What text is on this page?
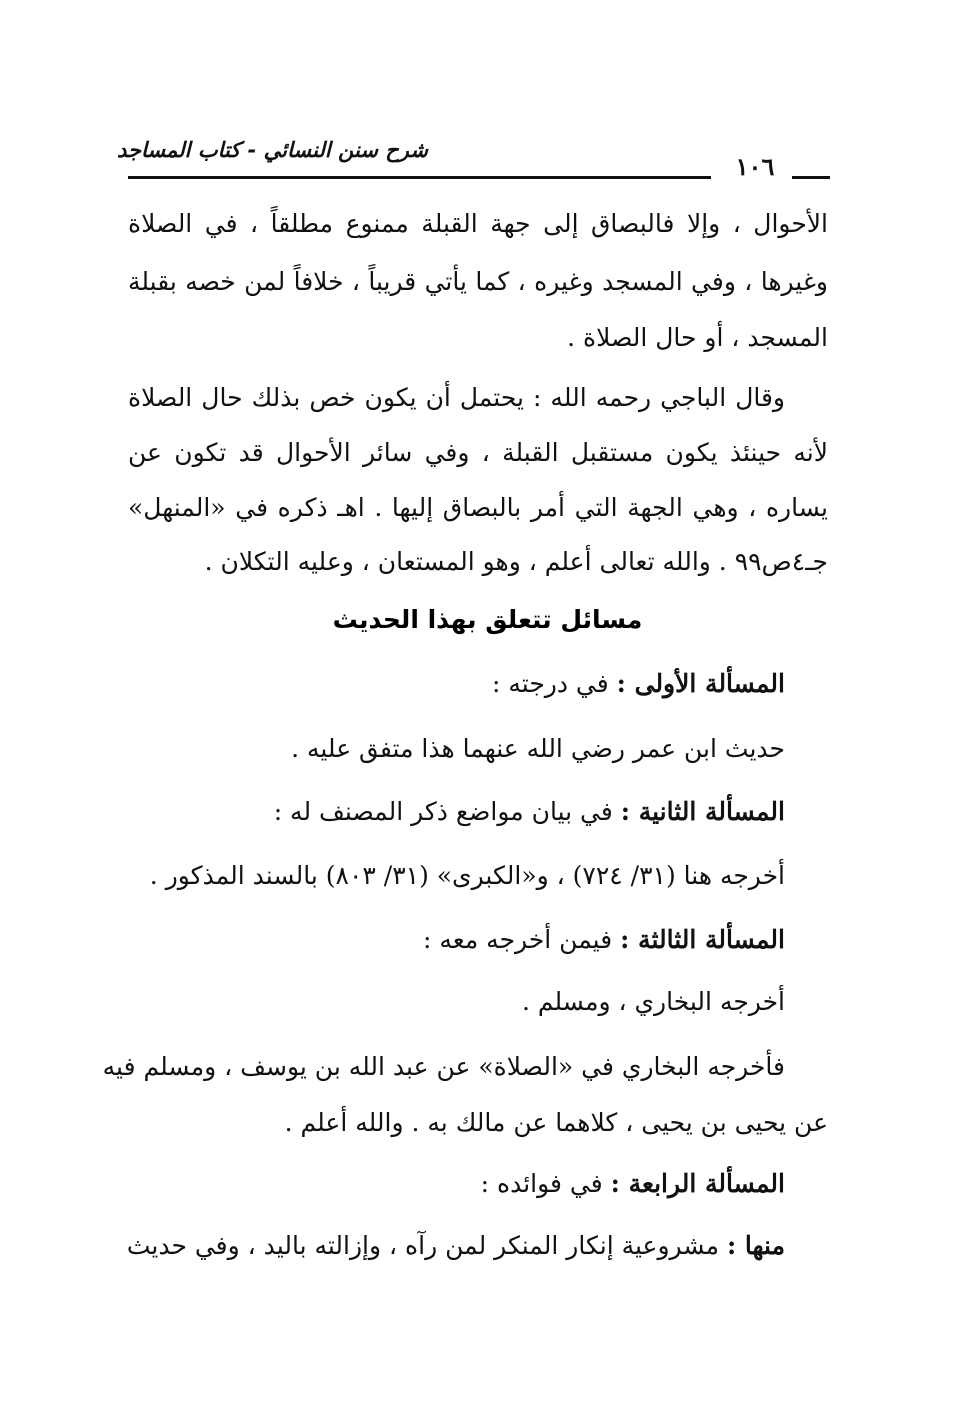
شرح سنن النسائي - كتاب المساجد
١٠٦
الأحوال ، وإلا فالبصاق إلى جهة القبلة ممنوع مطلقاً ، في الصلاة
وغيرها ، وفي المسجد وغيره ، كما يأتي قريباً ، خلافاً لمن خصه بقبلة
المسجد ، أو حال الصلاة .
وقال الباجي رحمه الله : يحتمل أن يكون خص بذلك حال الصلاة
لأنه حينئذ يكون مستقبل القبلة ، وفي سائر الأحوال قد تكون عن
يساره ، وهي الجهة التي أمر بالبصاق إليها . اهـ ذكره في «المنهل»
جـ٤ص٩٩ . والله تعالى أعلم ، وهو المستعان ، وعليه التكلان .
مسائل تتعلق بهذا الحديث
المسألة الأولى : في درجته :
حديث ابن عمر رضي الله عنهما هذا متفق عليه .
المسألة الثانية : في بيان مواضع ذكر المصنف له :
أخرجه هنا (٣١/ ٧٢٤) ، و«الكبرى» (٣١/ ٨٠٣) بالسند المذكور .
المسألة الثالثة : فيمن أخرجه معه :
أخرجه البخاري ، ومسلم .
فأخرجه البخاري في «الصلاة» عن عبد الله بن يوسف ، ومسلم فيه
عن يحيى بن يحيى ، كلاهما عن مالك به . والله أعلم .
المسألة الرابعة : في فوائده :
منها : مشروعية إنكار المنكر لمن رآه ، وإزالته باليد ، وفي حديث
